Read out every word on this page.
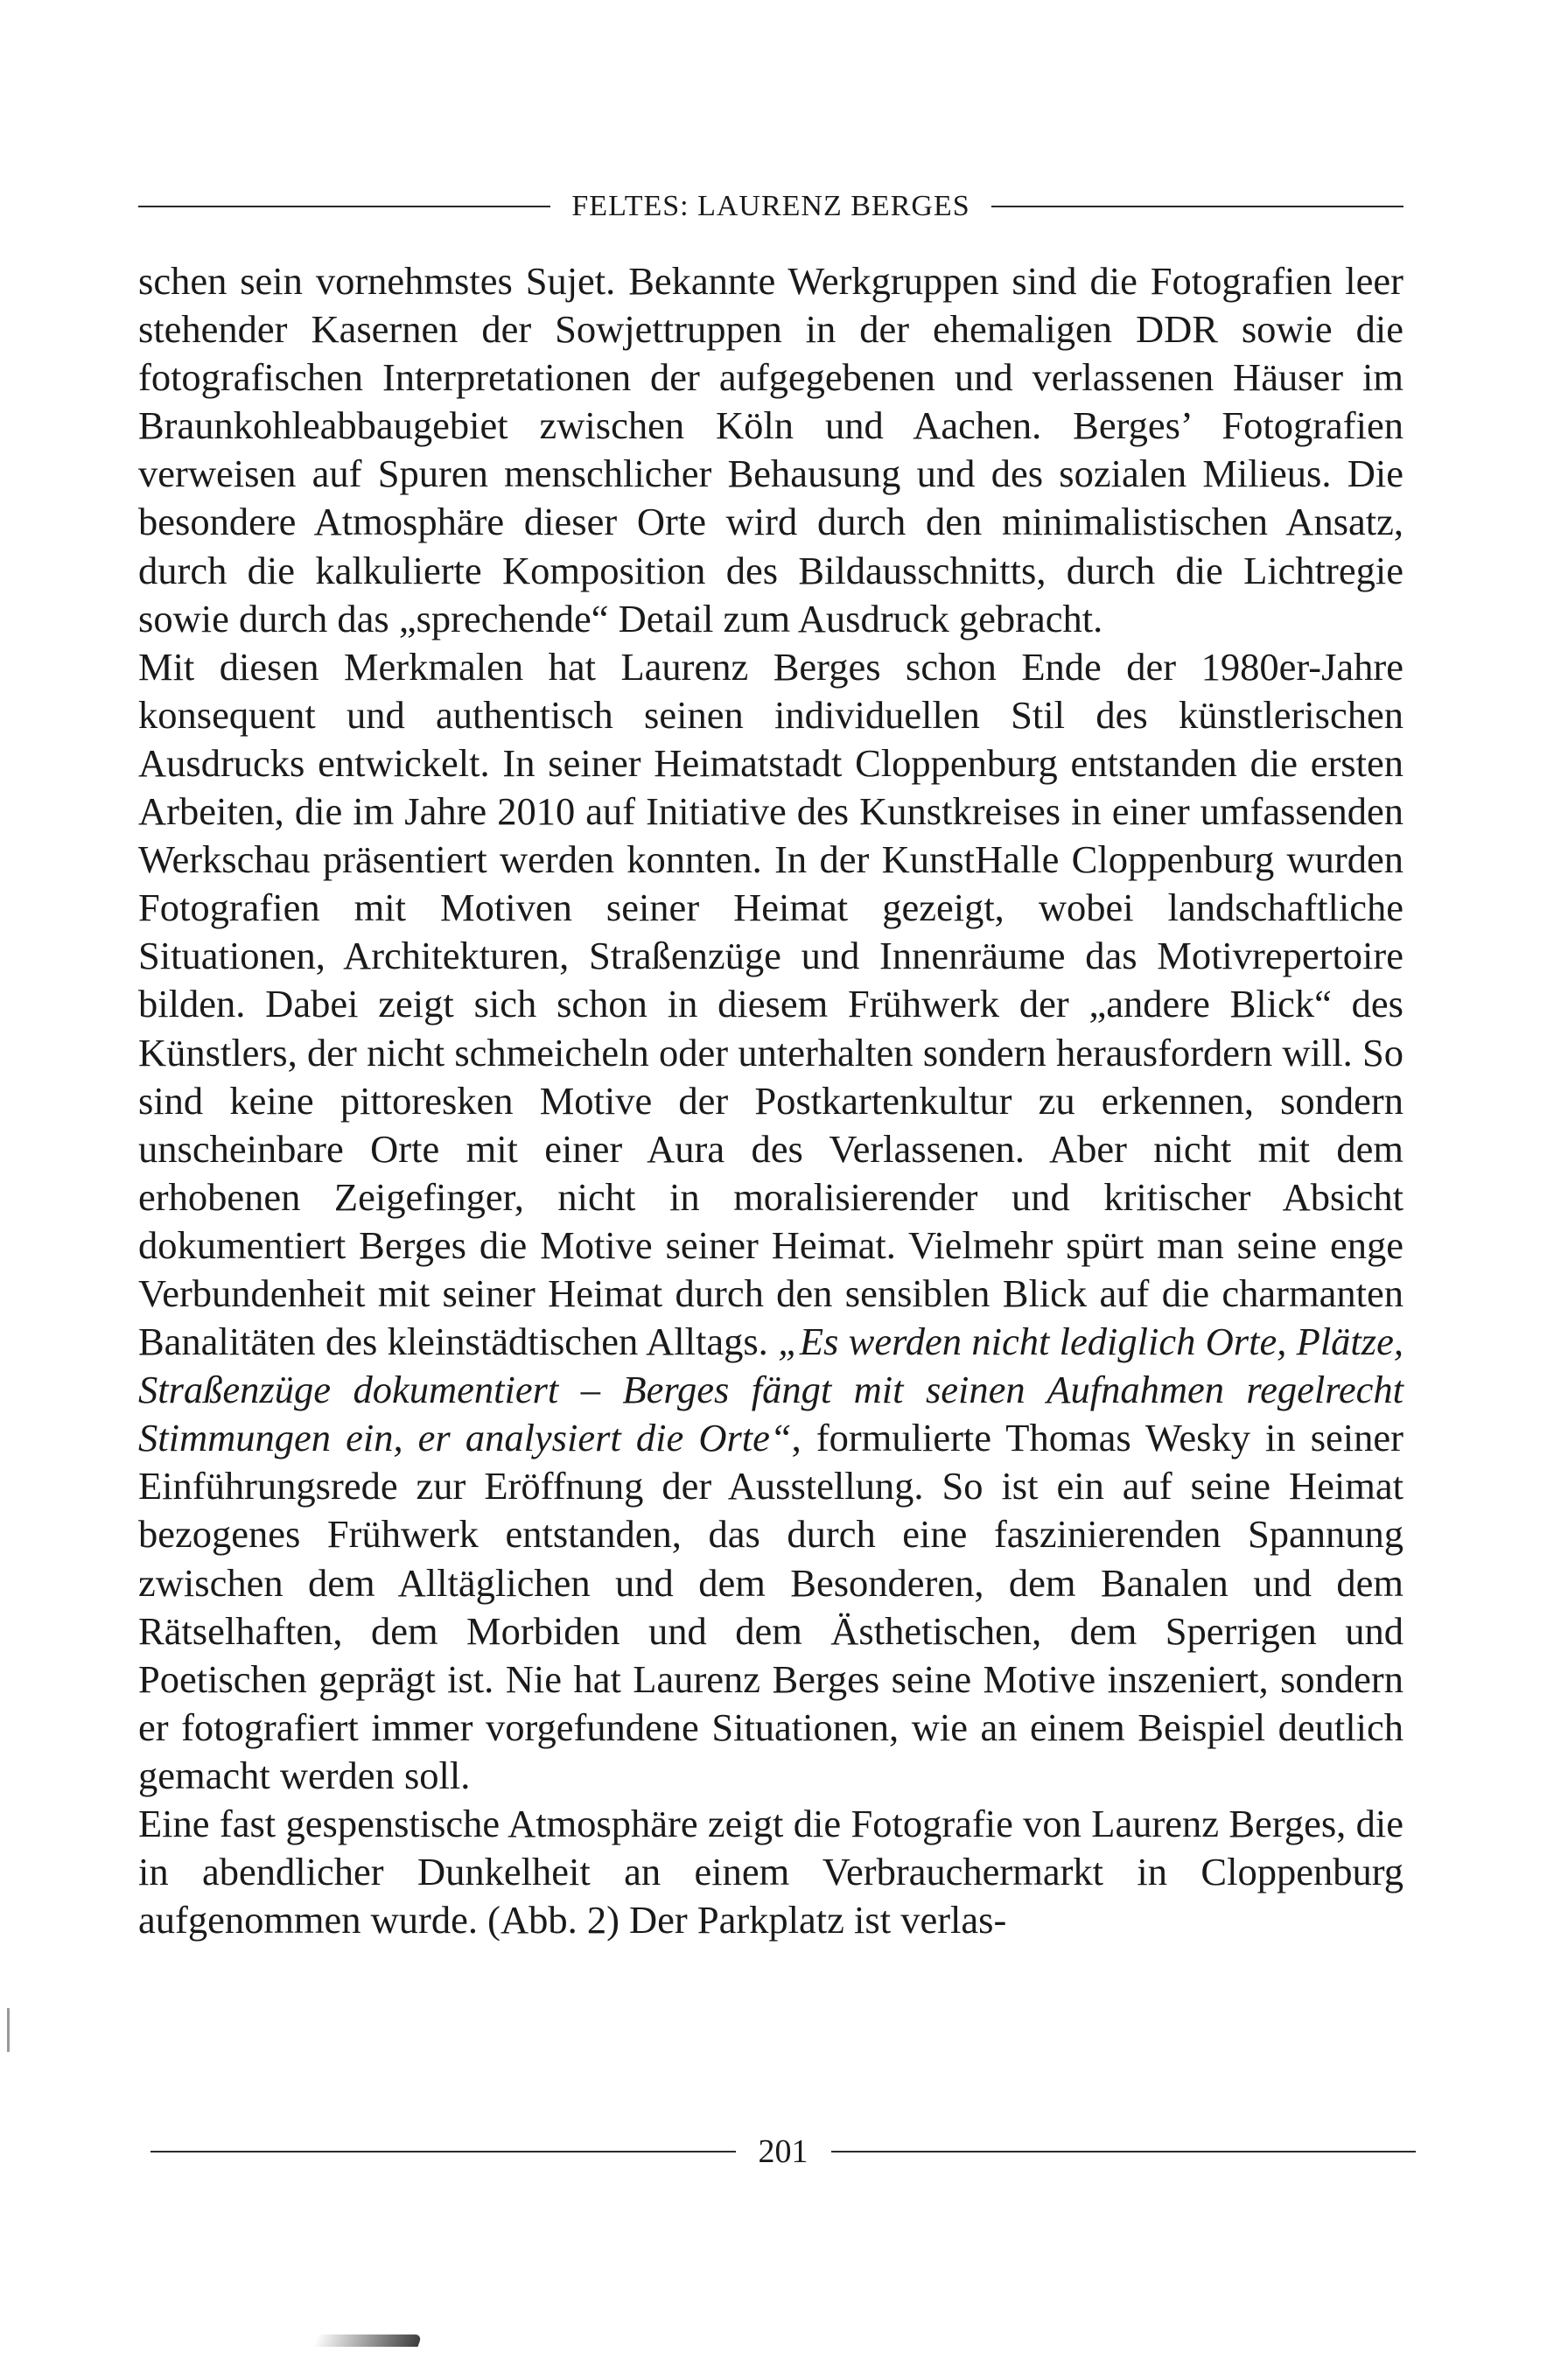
FELTES: LAURENZ BERGES

schen sein vornehmstes Sujet. Bekannte Werkgruppen sind die Fotografien leer stehender Kasernen der Sowjettruppen in der ehemaligen DDR sowie die fotografischen Interpretationen der aufgegebenen und verlassenen Häuser im Braunkohleabbaugebiet zwischen Köln und Aachen. Berges’ Fotografien verweisen auf Spuren menschlicher Behausung und des sozialen Milieus. Die besondere Atmosphäre dieser Orte wird durch den minimalistischen Ansatz, durch die kalkulierte Komposition des Bildausschnitts, durch die Lichtregie sowie durch das „sprechende“ Detail zum Ausdruck gebracht.

Mit diesen Merkmalen hat Laurenz Berges schon Ende der 1980er-Jahre konsequent und authentisch seinen individuellen Stil des künstlerischen Ausdrucks entwickelt. In seiner Heimatstadt Cloppenburg entstanden die ersten Arbeiten, die im Jahre 2010 auf Initiative des Kunstkreises in einer umfassenden Werkschau präsentiert werden konnten. In der KunstHalle Cloppenburg wurden Fotografien mit Motiven seiner Heimat gezeigt, wobei landschaftliche Situationen, Architekturen, Straßenzüge und Innenräume das Motivrepertoire bilden. Dabei zeigt sich schon in diesem Frühwerk der „andere Blick“ des Künstlers, der nicht schmeicheln oder unterhalten sondern herausfordern will. So sind keine pittoresken Motive der Postkartenkultur zu erkennen, sondern unscheinbare Orte mit einer Aura des Verlassenen. Aber nicht mit dem erhobenen Zeigefinger, nicht in moralisierender und kritischer Absicht dokumentiert Berges die Motive seiner Heimat. Vielmehr spürt man seine enge Verbundenheit mit seiner Heimat durch den sensiblen Blick auf die charmanten Banalitäten des kleinstädtischen Alltags. „Es werden nicht lediglich Orte, Plätze, Straßenzüge dokumentiert – Berges fängt mit seinen Aufnahmen regelrecht Stimmungen ein, er analysiert die Orte“, formulierte Thomas Wesky in seiner Einführungsrede zur Eröffnung der Ausstellung. So ist ein auf seine Heimat bezogenes Frühwerk entstanden, das durch eine faszinierenden Spannung zwischen dem Alltäglichen und dem Besonderen, dem Banalen und dem Rätselhaften, dem Morbiden und dem Ästhetischen, dem Sperrigen und Poetischen geprägt ist. Nie hat Laurenz Berges seine Motive inszeniert, sondern er fotografiert immer vorgefundene Situationen, wie an einem Beispiel deutlich gemacht werden soll.

Eine fast gespenstische Atmosphäre zeigt die Fotografie von Laurenz Berges, die in abendlicher Dunkelheit an einem Verbrauchermarkt in Cloppenburg aufgenommen wurde. (Abb. 2) Der Parkplatz ist verlas-

201
